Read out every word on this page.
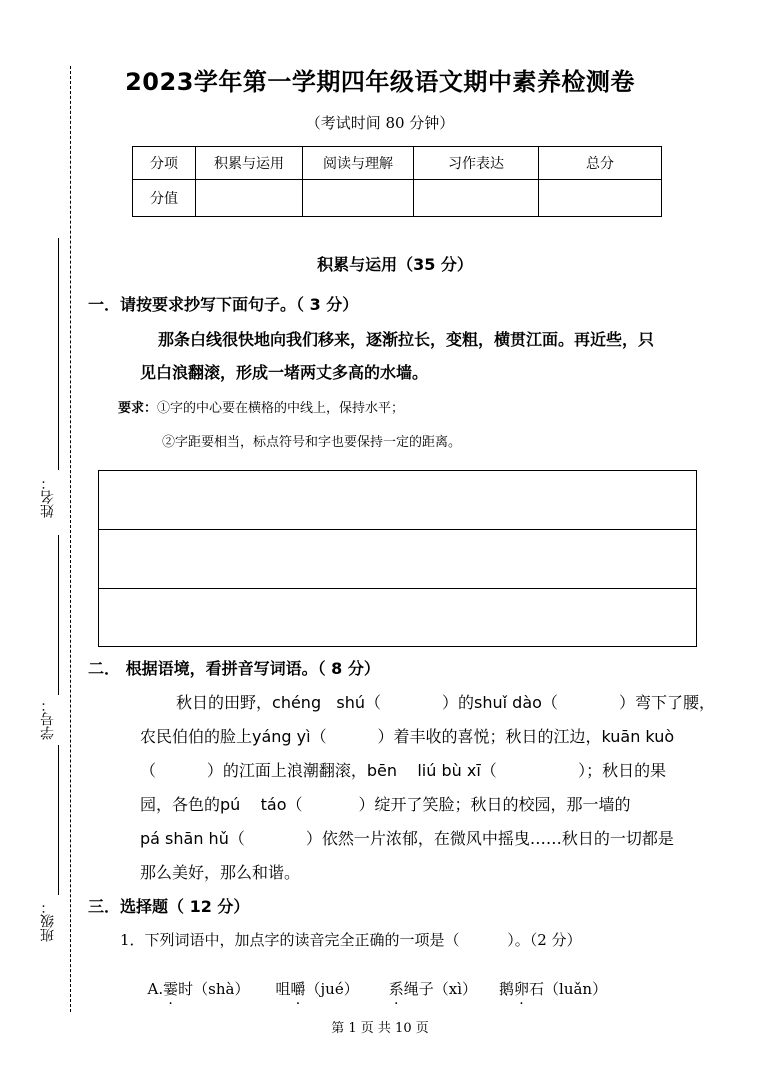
姓名：
学号：
班级：
2023学年第一学期四年级语文期中素养检测卷
（考试时间 80 分钟）
分项	积累与运用	阅读与理解	习作表达	总分
分值				
积累与运用（35 分）
一．请按要求抄写下面句子。（ 3 分）
那条白线很快地向我们移来，逐渐拉长，变粗，横贯江面。再近些，只
见白浪翻滚，形成一堵两丈多高的水墙。
要求：①字的中心要在横格的中线上，保持水平；
②字距要相当，标点符号和字也要保持一定的距离。
二． 根据语境，看拼音写词语。（ 8 分）
秋日的田野，chéng   shú（            ）的shuǐ dào（            ）弯下了腰，
农民伯伯的脸上yáng yì（          ）着丰收的喜悦；秋日的江边，kuān kuò
（          ）的江面上浪潮翻滚，bēn    liú bù xī（                ）；秋日的果
园，各色的pú    táo（           ）绽开了笑脸；秋日的校园，那一墙的
pá shān hǔ（            ）依然一片浓郁，在微风中摇曳……秋日的一切都是
那么美好，那么和谐。
三．选择题（ 12 分）
1．下列词语中，加点字的读音完全正确的一项是（          ）。（2 分）

A.霎时（shà） 咀嚼（jué） 系绳子（xì） 鹅卵石（luǎn）

第 1 页 共 10 页
